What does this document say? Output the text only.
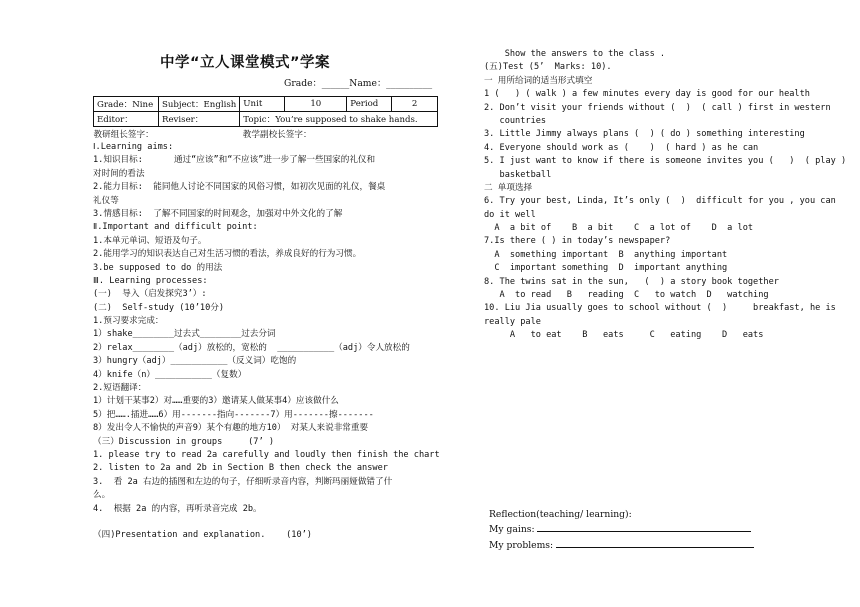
中学“立人课堂模式”学案
Grade：______Name：__________
Grade：Nine	Subject：English	Unit	10	Period	2
Editor：	Reviser：	Topic：You’re supposed to shake hands.			
教研组长签字：		教学副校长签字：			
Ⅰ.Learning aims:
1.知识目标:      通过“应该”和“不应该”进一步了解一些国家的礼仪和
对时间的看法
2.能力目标:  能同他人讨论不同国家的风俗习惯，如初次见面的礼仪，餐桌
礼仪等
3.情感目标:  了解不同国家的时间观念，加强对中外文化的了解
Ⅱ.Important and difficult point:
1.本单元单词、短语及句子。
2.能用学习的知识表达自己对生活习惯的看法，养成良好的行为习惯。
3.be supposed to do 的用法
Ⅲ. Learning processes:
(一)  导入（启发探究3’）:
(二)  Self-study (10’10分)
1.预习要求完成：
1）shake________过去式________过去分词
2）relax________（adj）放松的，宽松的  ___________（adj）令人放松的
3）hungry（adj）___________（反义词）吃饱的
4）knife（n）___________（复数）
2.短语翻译：
1）计划干某事2）对……重要的3）邀请某人做某事4）应该做什么
5）把…….插进……6）用-------指向-------7）用-------擦-------
8）发出令人不愉快的声音9）某个有趣的地方10） 对某人来说非常重要
（三）Discussion in groups     (7’ )
1. please try to read 2a carefully and loudly then finish the chart
2. listen to 2a and 2b in Section B then check the answer
3.  看 2a 右边的插图和左边的句子，仔细听录音内容，判断玛丽娅做错了什
么。
4.  根据 2a 的内容，再听录音完成 2b。
（四)Presentation and explanation.    (10’)
Show the answers to the class .
(五)Test (5’  Marks: 10).
一 用所给词的适当形式填空
1 (   ) ( walk ) a few minutes every day is good for our health
2. Don’t visit your friends without (  )  ( call ) first in western
countries
3. Little Jimmy always plans (  ) ( do ) something interesting
4. Everyone should work as (    )  ( hard ) as he can
5. I just want to know if there is someone invites you (   )  ( play )
basketball
二 单项选择
6. Try your best, Linda, It’s only (  )  difficult for you , you can
do it well
A  a bit of    B  a bit    C  a lot of    D  a lot
7.Is there ( ) in today’s newspaper?
A  something important  B  anything important
C  important something  D  important anything
8. The twins sat in the sun,   (  ) a story book together
A  to read   B   reading  C   to watch  D   watching
10. Liu Jia usually goes to school without (  )     breakfast, he is
really pale
A   to eat    B   eats     C   eating    D   eats
Reflection(teaching/ learning):
My gains:
My problems:
